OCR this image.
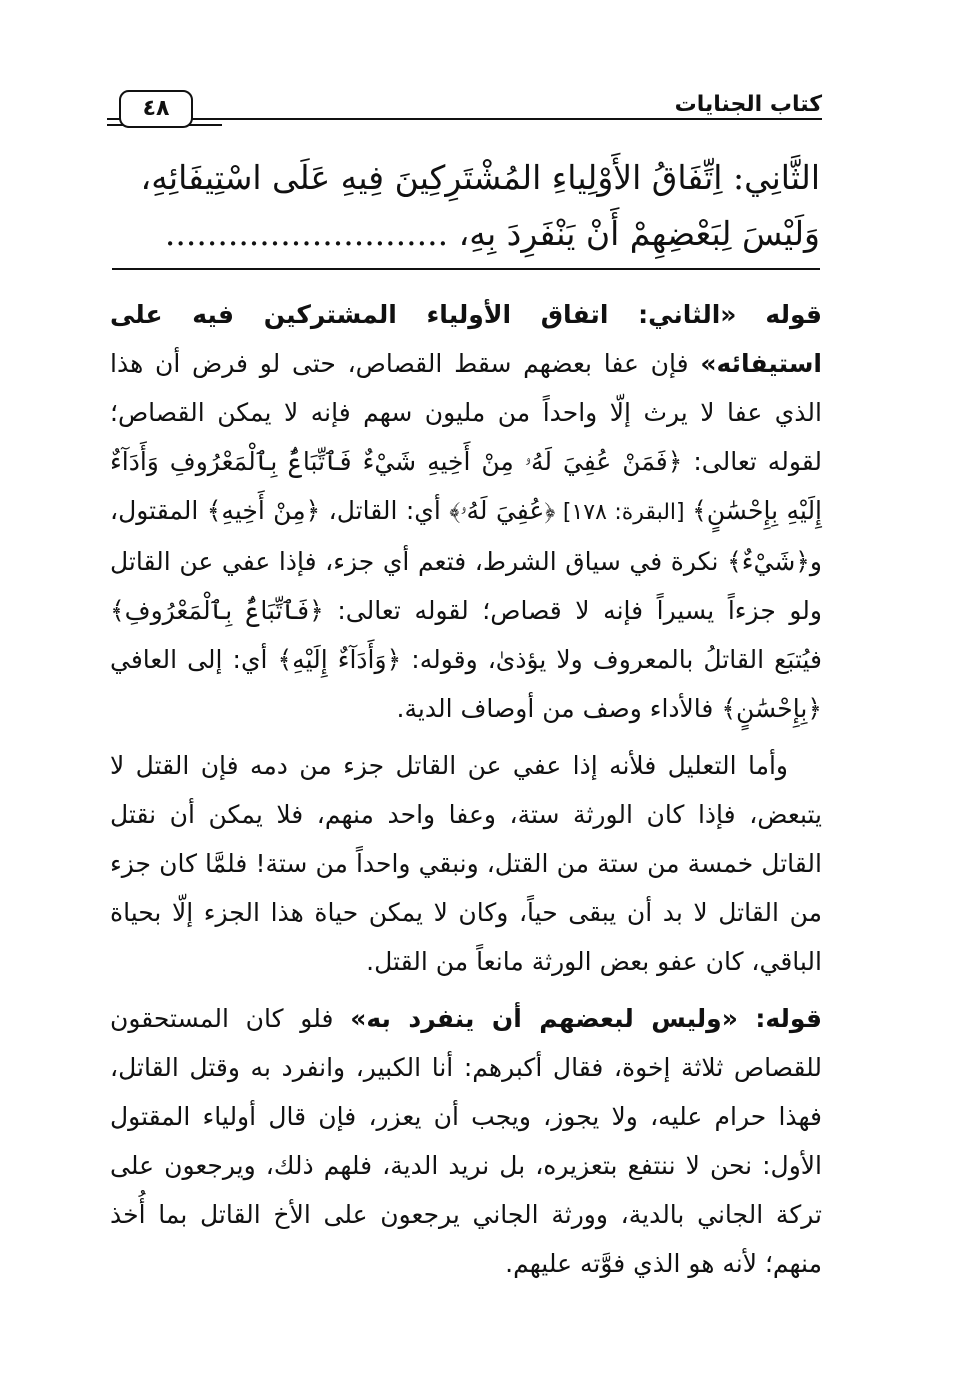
٤٨	كتاب الجنايات
الثَّانِي: اِتِّفَاقُ الأَوْلِياءِ المُشْتَرِكِينَ فِيهِ عَلَى اسْتِيفَائِهِ،
وَلَيْسَ لِبَعْضِهِمْ أَنْ يَنْفَرِدَ بِهِ، ...........................

قوله «الثاني: اتفاق الأولياء المشتركين فيه على استيفائه» فإن عفا بعضهم سقط القصاص، حتى لو فرض أن هذا الذي عفا لا يرث إلّا واحداً من مليون سهم فإنه لا يمكن القصاص؛ لقوله تعالى: ﴿فَمَنْ عُفِيَ لَهُۥ مِنْ أَخِيهِ شَيْءٌ فَٱتِّبَاعٌۢ بِٱلْمَعْرُوفِ وَأَدَآءٌ إِلَيْهِ بِإِحْسَٰنٍ﴾ [البقرة: ١٧٨] ﴿عُفِيَ لَهُۥ﴾ أي: القاتل، ﴿مِنْ أَخِيهِ﴾ المقتول، و﴿شَيْءٌ﴾ نكرة في سياق الشرط، فتعم أي جزء، فإذا عفي عن القاتل ولو جزءاً يسيراً فإنه لا قصاص؛ لقوله تعالى: ﴿فَٱتِّبَاعٌۢ بِٱلْمَعْرُوفِ﴾ فيُتبَع القاتلُ بالمعروف ولا يؤذىٰ، وقوله: ﴿وَأَدَآءٌ إِلَيْهِ﴾ أي: إلى العافي ﴿بِإِحْسَٰنٍ﴾ فالأداء وصف من أوصاف الدية.

وأما التعليل فلأنه إذا عفي عن القاتل جزء من دمه فإن القتل لا يتبعض، فإذا كان الورثة ستة، وعفا واحد منهم، فلا يمكن أن نقتل القاتل خمسة من ستة من القتل، ونبقي واحداً من ستة! فلمَّا كان جزء من القاتل لا بد أن يبقى حياً، وكان لا يمكن حياة هذا الجزء إلّا بحياة الباقي، كان عفو بعض الورثة مانعاً من القتل.

قوله: «وليس لبعضهم أن ينفرد به» فلو كان المستحقون للقصاص ثلاثة إخوة، فقال أكبرهم: أنا الكبير، وانفرد به وقتل القاتل، فهذا حرام عليه، ولا يجوز، ويجب أن يعزر، فإن قال أولياء المقتول الأول: نحن لا ننتفع بتعزيره، بل نريد الدية، فلهم ذلك، ويرجعون على تركة الجاني بالدية، وورثة الجاني يرجعون على الأخ القاتل بما أُخذ منهم؛ لأنه هو الذي فوَّته عليهم.
